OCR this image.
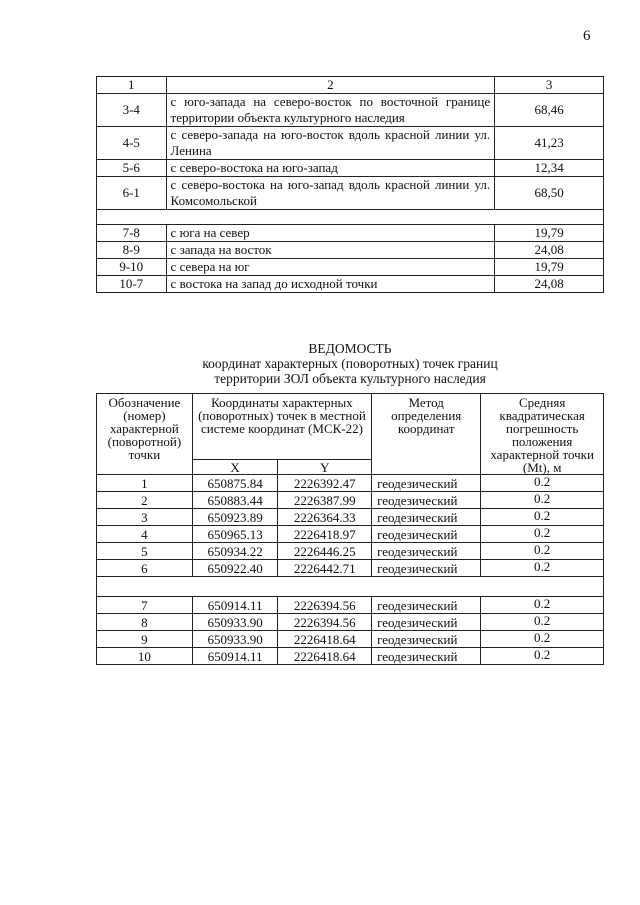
6
1	2	3
3-4	с юго-запада на северо-восток по восточной границе территории объекта культурного наследия	68,46
4-5	с северо-запада на юго-восток вдоль красной линии ул. Ленина	41,23
5-6	с северо-востока на юго-запад	12,34
6-1	с северо-востока на юго-запад вдоль красной линии ул. Комсомольской	68,50

7-8	с юга на север	19,79
8-9	с запада на восток	24,08
9-10	с севера на юг	19,79
10-7	с востока на запад до исходной точки	24,08
ВЕДОМОСТЬ
координат характерных (поворотных) точек границ
территории ЗОЛ объекта культурного наследия
Обозначение (номер) характерной (поворотной) точки	Координаты характерных (поворотных) точек в местной системе координат (МСК-22)		Метод определения координат	Средняя квадратическая погрешность положения характерной точки (Mt), м
	X	Y		
1	650875.84	2226392.47	геодезический	0.2
2	650883.44	2226387.99	геодезический	0.2
3	650923.89	2226364.33	геодезический	0.2
4	650965.13	2226418.97	геодезический	0.2
5	650934.22	2226446.25	геодезический	0.2
6	650922.40	2226442.71	геодезический	0.2

7	650914.11	2226394.56	геодезический	0.2
8	650933.90	2226394.56	геодезический	0.2
9	650933.90	2226418.64	геодезический	0.2
10	650914.11	2226418.64	геодезический	0.2
